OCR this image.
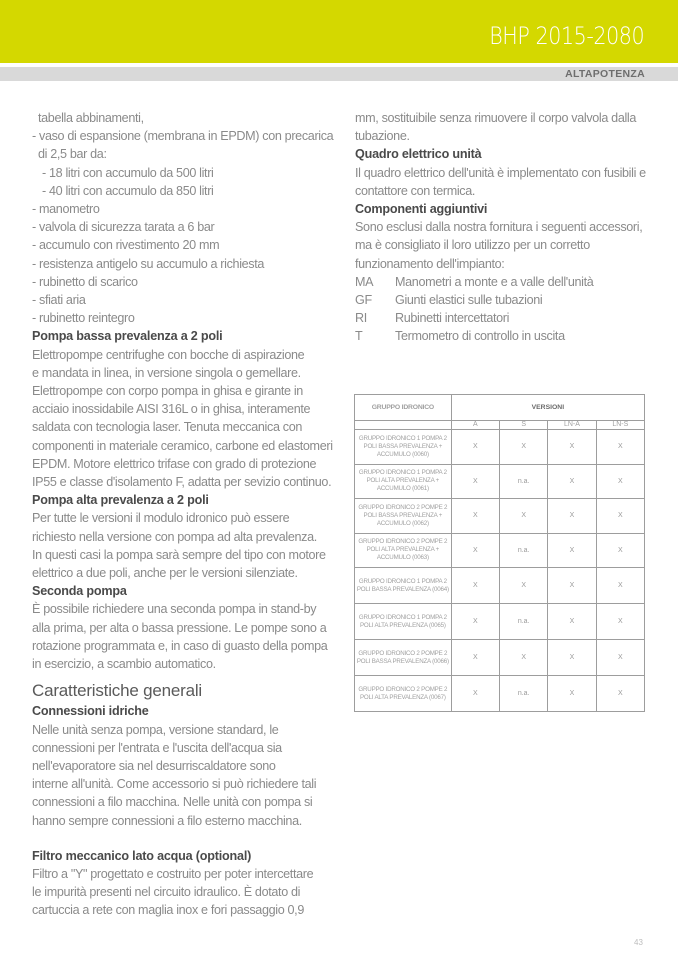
BHP 2015-2080
ALTAPOTENZA
tabella abbinamenti,
- vaso di espansione (membrana in EPDM) con precarica
di 2,5 bar da:
- 18 litri con accumulo da 500 litri
- 40 litri con accumulo da 850 litri
- manometro
- valvola di sicurezza tarata a 6 bar
- accumulo con rivestimento 20 mm
- resistenza antigelo su accumulo a richiesta
- rubinetto di scarico
- sfiati aria
- rubinetto reintegro
Pompa bassa prevalenza a 2 poli
Elettropompe centrifughe con bocche di aspirazione
e mandata in linea, in versione singola o gemellare.
Elettropompe con corpo pompa in ghisa e girante in
acciaio inossidabile AISI 316L o in ghisa, interamente
saldata con tecnologia laser. Tenuta meccanica con
componenti in materiale ceramico, carbone ed elastomeri
EPDM. Motore elettrico trifase con grado di protezione
IP55 e classe d'isolamento F, adatta per sevizio continuo.
Pompa alta prevalenza a 2 poli
Per tutte le versioni il modulo idronico può essere
richiesto nella versione con pompa ad alta prevalenza.
In questi casi la pompa sarà sempre del tipo con motore
elettrico a due poli, anche per le versioni silenziate.
Seconda pompa
È possibile richiedere una seconda pompa in stand-by
alla prima, per alta o bassa pressione. Le pompe sono a
rotazione programmata e, in caso di guasto della pompa
in esercizio, a scambio automatico.
Caratteristiche generali
Connessioni idriche
Nelle unità senza pompa, versione standard, le
connessioni per l'entrata e l'uscita dell'acqua sia
nell'evaporatore sia nel desurriscaldatore sono
interne all'unità. Come accessorio si può richiedere tali
connessioni a filo macchina. Nelle unità con pompa si
hanno sempre connessioni a filo esterno macchina.
Filtro meccanico lato acqua (optional)
Filtro a "Y" progettato e costruito per poter intercettare
le impurità presenti nel circuito idraulico. È dotato di
cartuccia a rete con maglia inox e fori passaggio 0,9
mm, sostituibile senza rimuovere il corpo valvola dalla
tubazione.
Quadro elettrico unità
Il quadro elettrico dell'unità è implementato con fusibili e
contattore con termica.
Componenti aggiuntivi
Sono esclusi dalla nostra fornitura i seguenti accessori,
ma è consigliato il loro utilizzo per un corretto
funzionamento dell'impianto:
MA	Manometri a monte e a valle dell'unità
GF	Giunti elastici sulle tubazioni
RI	Rubinetti intercettatori
T	Termometro di controllo in uscita
GRUPPO IDRONICO	VERSIONI			
	A	S	LN-A	LN-S
GRUPPO IDRONICO 1 POMPA 2 POLI BASSA PREVALENZA + ACCUMULO (0060)	X	X	X	X
GRUPPO IDRONICO 1 POMPA 2 POLI ALTA PREVALENZA + ACCUMULO (0061)	X	n.a.	X	X
GRUPPO IDRONICO 2 POMPE 2 POLI BASSA PREVALENZA + ACCUMULO (0062)	X	X	X	X
GRUPPO IDRONICO 2 POMPE 2 POLI ALTA PREVALENZA + ACCUMULO (0063)	X	n.a.	X	X
GRUPPO IDRONICO 1 POMPA 2 POLI BASSA PREVALENZA (0064)	X	X	X	X
GRUPPO IDRONICO 1 POMPA 2 POLI ALTA PREVALENZA (0065)	X	n.a.	X	X
GRUPPO IDRONICO 2 POMPE 2 POLI BASSA PREVALENZA (0066)	X	X	X	X
GRUPPO IDRONICO 2 POMPE 2 POLI ALTA PREVALENZA (0067)	X	n.a.	X	X
43
